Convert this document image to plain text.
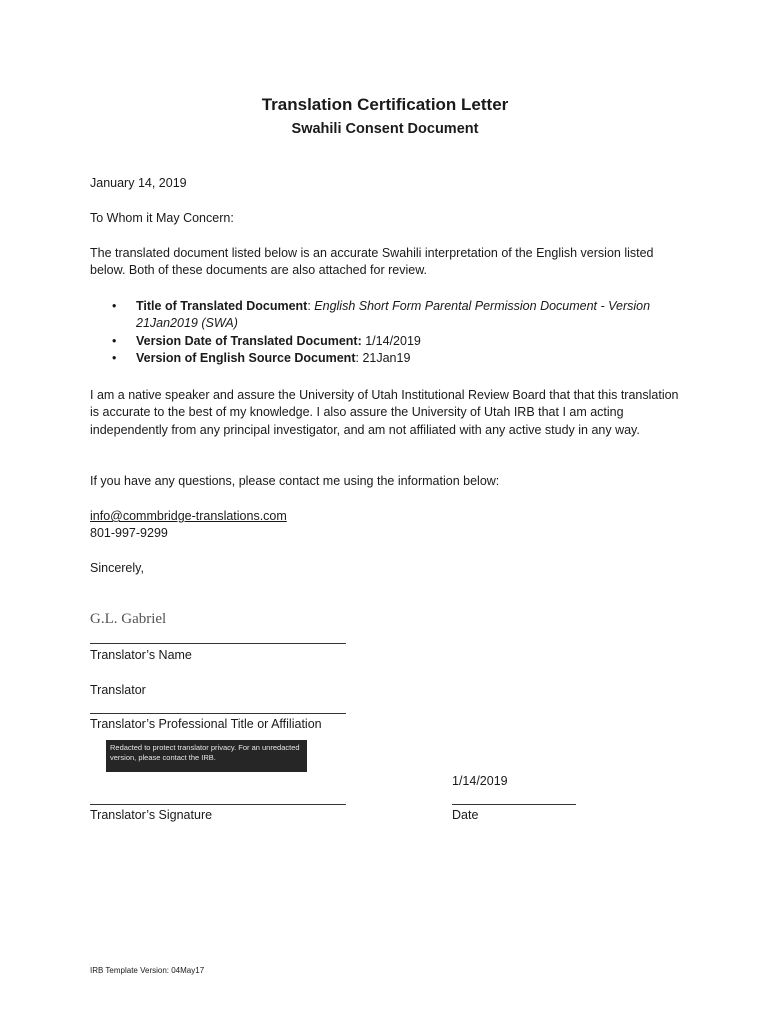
Translation Certification Letter
Swahili Consent Document
January 14, 2019
To Whom it May Concern:
The translated document listed below is an accurate Swahili interpretation of the English version listed below. Both of these documents are also attached for review.
• Title of Translated Document: English Short Form Parental Permission Document - Version 21Jan2019 (SWA)
• Version Date of Translated Document: 1/14/2019
• Version of English Source Document: 21Jan19
I am a native speaker and assure the University of Utah Institutional Review Board that that this translation is accurate to the best of my knowledge. I also assure the University of Utah IRB that I am acting independently from any principal investigator, and am not affiliated with any active study in any way.
If you have any questions, please contact me using the information below:
info@commbridge-translations.com
801-997-9299
Sincerely,
G.L. Gabriel
Translator’s Name
Translator
Translator’s Professional Title or Affiliation
Redacted to protect translator privacy. For an unredacted version, please contact the IRB.
1/14/2019
Translator’s Signature	Date
IRB Template Version: 04May17
